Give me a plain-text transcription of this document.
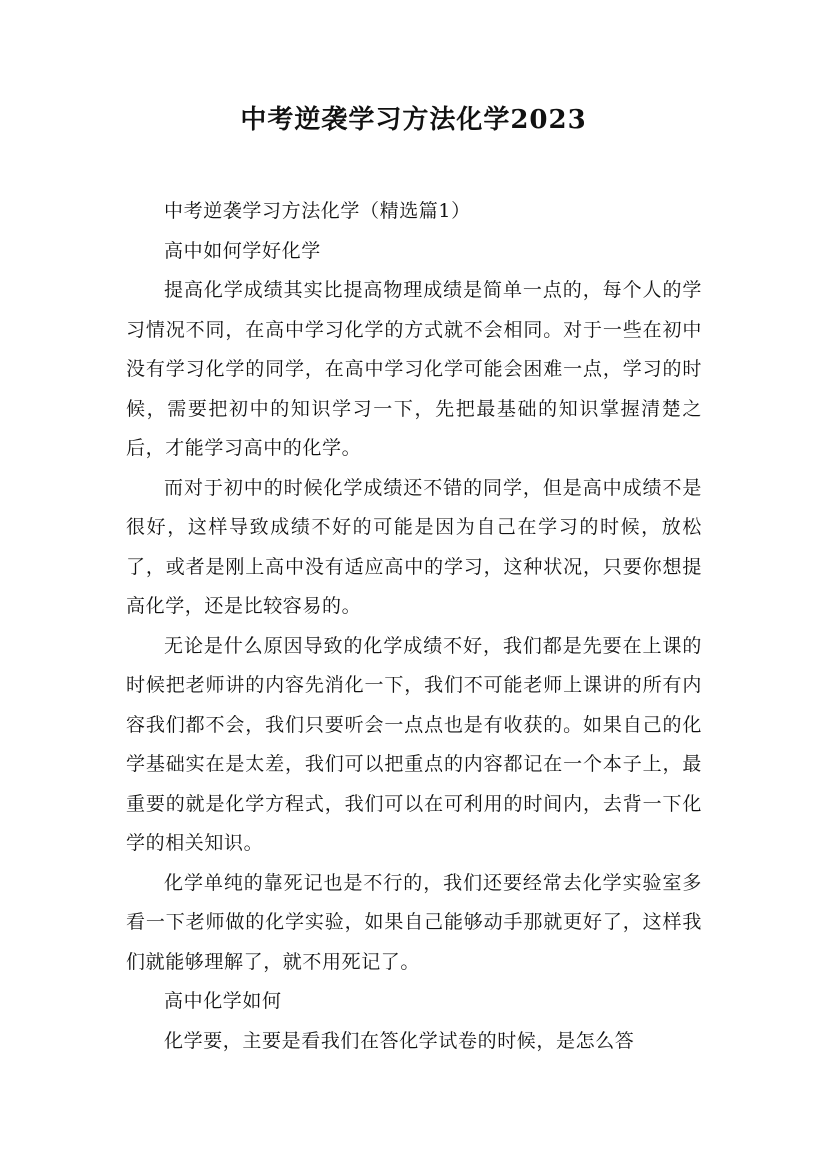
中考逆袭学习方法化学2023

中考逆袭学习方法化学（精选篇1）

高中如何学好化学

提高化学成绩其实比提高物理成绩是简单一点的，每个人的学习情况不同，在高中学习化学的方式就不会相同。对于一些在初中没有学习化学的同学，在高中学习化学可能会困难一点，学习的时候，需要把初中的知识学习一下，先把最基础的知识掌握清楚之后，才能学习高中的化学。

而对于初中的时候化学成绩还不错的同学，但是高中成绩不是很好，这样导致成绩不好的可能是因为自己在学习的时候，放松了，或者是刚上高中没有适应高中的学习，这种状况，只要你想提高化学，还是比较容易的。

无论是什么原因导致的化学成绩不好，我们都是先要在上课的时候把老师讲的内容先消化一下，我们不可能老师上课讲的所有内容我们都不会，我们只要听会一点点也是有收获的。如果自己的化学基础实在是太差，我们可以把重点的内容都记在一个本子上，最重要的就是化学方程式，我们可以在可利用的时间内，去背一下化学的相关知识。

化学单纯的靠死记也是不行的，我们还要经常去化学实验室多看一下老师做的化学实验，如果自己能够动手那就更好了，这样我们就能够理解了，就不用死记了。

高中化学如何

化学要，主要是看我们在答化学试卷的时候，是怎么答
